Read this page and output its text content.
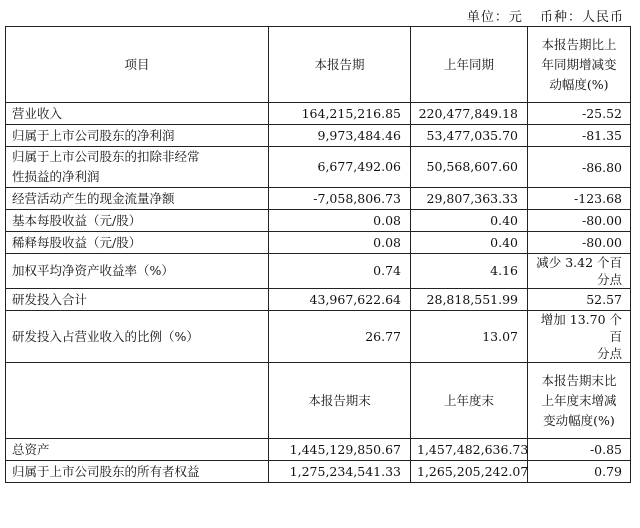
单位：元 币种：人民币
项目	本报告期	上年同期	本报告期比上
年同期增减变
动幅度(%)

营业收入	164,215,216.85	220,477,849.18	-25.52

归属于上市公司股东的净利润	9,973,484.46	53,477,035.70	-81.35

归属于上市公司股东的扣除非经常
性损益的净利润	6,677,492.06	50,568,607.60	-86.80

经营活动产生的现金流量净额	-7,058,806.73	29,807,363.33	-123.68

基本每股收益（元/股）	0.08	0.40	-80.00

稀释每股收益（元/股）	0.08	0.40	-80.00

加权平均净资产收益率（%）	0.74	4.16	减少 3.42 个百
分点

研发投入合计	43,967,622.64	28,818,551.99	52.57

研发投入占营业收入的比例（%）	26.77	13.07	增加 13.70 个百
分点

	本报告期末	上年度末	本报告期末比
上年度末增减
变动幅度(%)

总资产	1,445,129,850.67	1,457,482,636.73	-0.85

归属于上市公司股东的所有者权益	1,275,234,541.33	1,265,205,242.07	0.79
